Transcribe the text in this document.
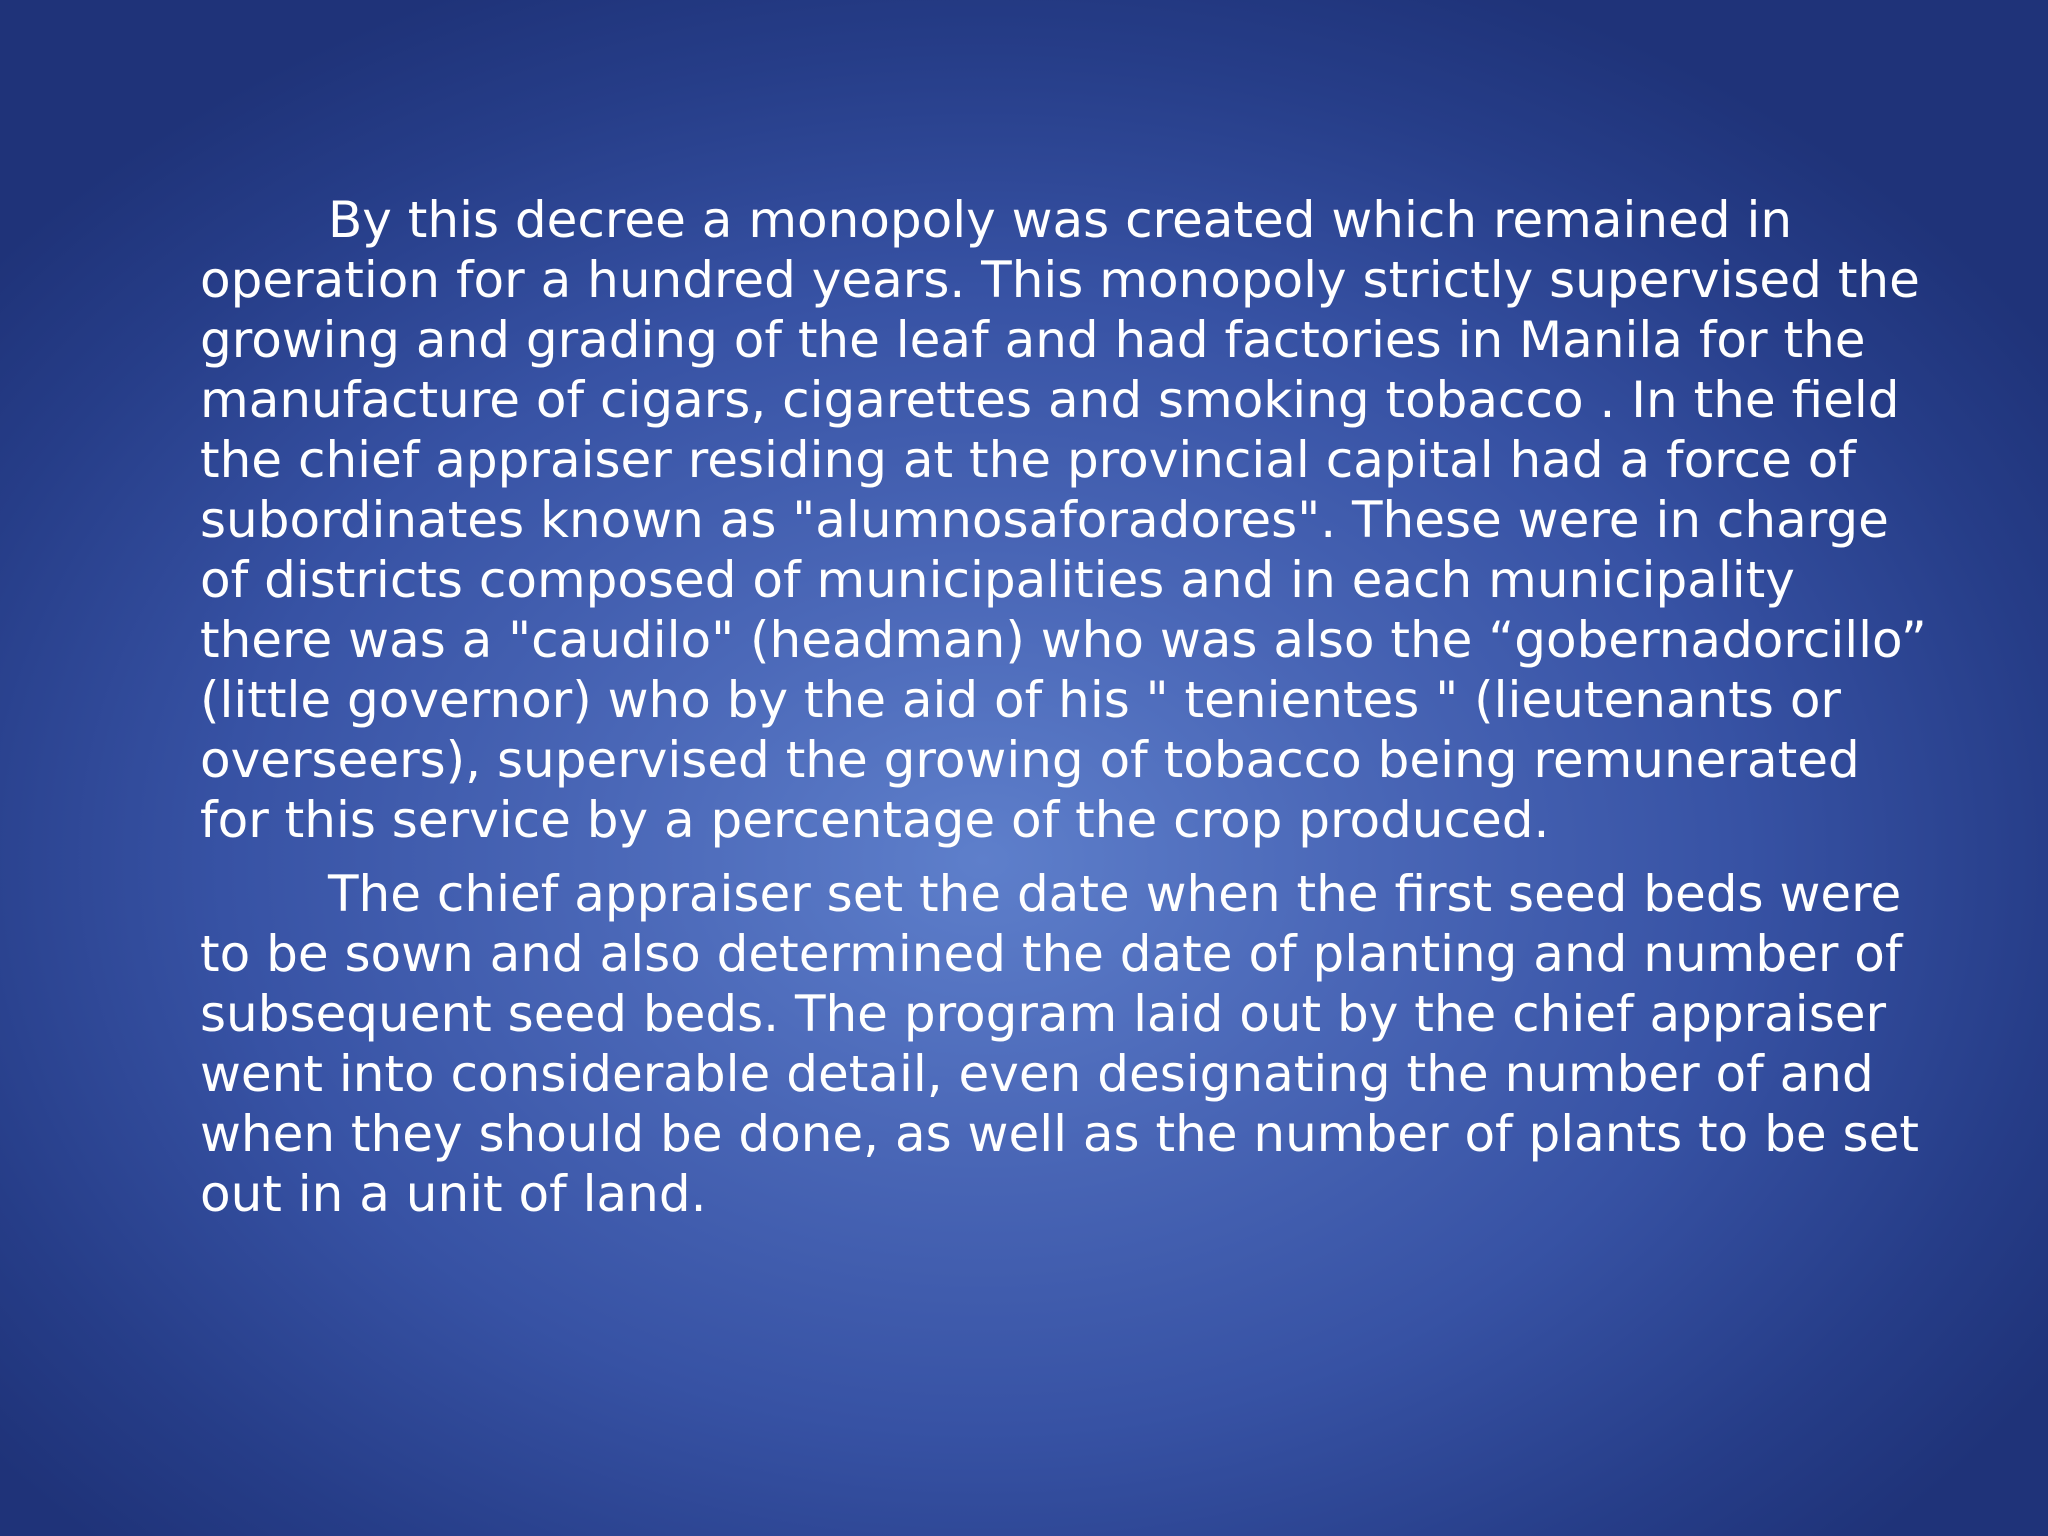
By this decree a monopoly was created which remained in operation for a hundred years. This monopoly strictly supervised the growing and grading of the leaf and had factories in Manila for the manufacture of cigars, cigarettes and smoking tobacco . In the field the chief appraiser residing at the provincial capital had a force of subordinates known as "alumnosaforadores". These were in charge of districts composed of municipalities and in each municipality there was a "caudilo" (headman) who was also the “gobernadorcillo” (little governor) who by the aid of his " tenientes " (lieutenants or overseers), supervised the growing of tobacco being remunerated for this service by a percentage of the crop produced.

The chief appraiser set the date when the first seed beds were to be sown and also determined the date of planting and number of subsequent seed beds. The program laid out by the chief appraiser went into considerable detail, even designating the number of and when they should be done, as well as the number of plants to be set out in a unit of land.
